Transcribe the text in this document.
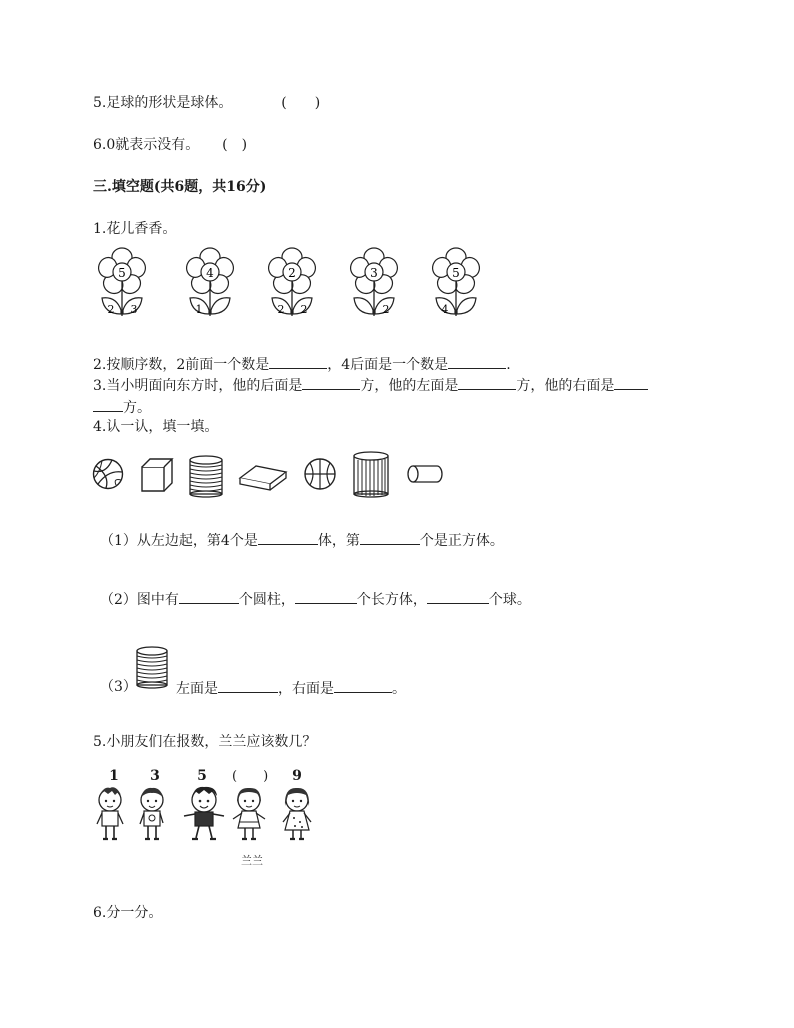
5.足球的形状是球体。	(　　)
6.0就表示没有。 (　)
三.填空题(共6题，共16分)
1.花儿香香。
5
2 3
4
1
2
2 2
3
2
5
4
2.按顺序数，2前面一个数是	，4后面是一个数是	.
3.当小明面向东方时，他的后面是	方，他的左面是	方，他的右面是
方。
4.认一认，填一填。
（1）从左边起，第4个是	体，第	个是正方体。
（2）图中有	个圆柱，	个长方体，	个球。
（3）	左面是	，右面是	。
5.小朋友们在报数，兰兰应该数几？
1	3	5	(　　)	9
兰兰
6.分一分。
